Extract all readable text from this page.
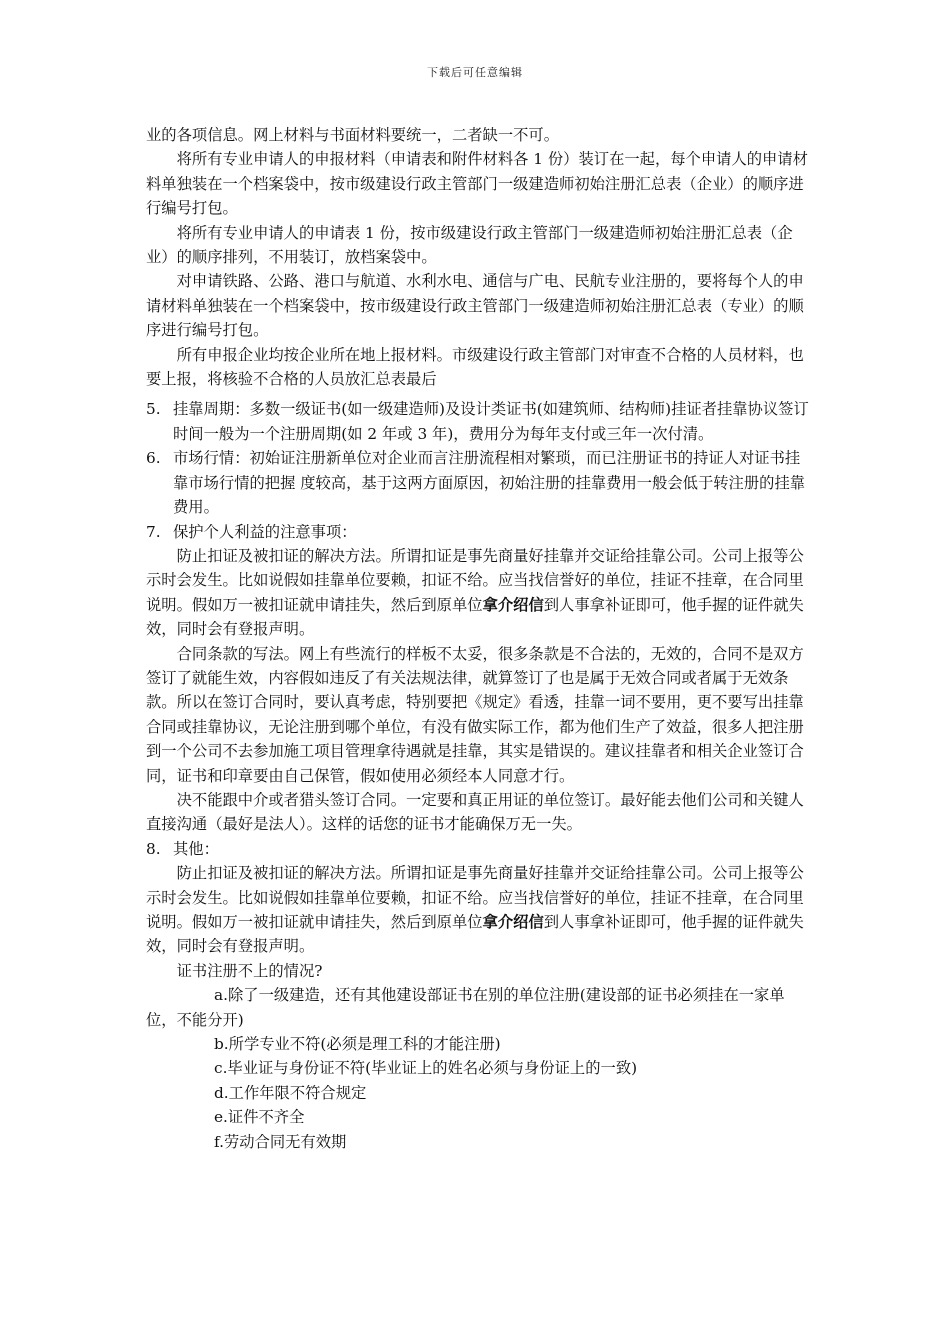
下载后可任意编辑

业的各项信息。网上材料与书面材料要统一，二者缺一不可。

将所有专业申请人的申报材料（申请表和附件材料各 1 份）装订在一起，每个申请人的申请材料单独装在一个档案袋中，按市级建设行政主管部门一级建造师初始注册汇总表（企业）的顺序进行编号打包。

将所有专业申请人的申请表 1 份，按市级建设行政主管部门一级建造师初始注册汇总表（企业）的顺序排列，不用装订，放档案袋中。

对申请铁路、公路、港口与航道、水利水电、通信与广电、民航专业注册的，要将每个人的申请材料单独装在一个档案袋中，按市级建设行政主管部门一级建造师初始注册汇总表（专业）的顺序进行编号打包。

所有申报企业均按企业所在地上报材料。市级建设行政主管部门对审查不合格的人员材料，也要上报，将核验不合格的人员放汇总表最后

5. 挂靠周期：多数一级证书(如一级建造师)及设计类证书(如建筑师、结构师)挂证者挂靠协议签订时间一般为一个注册周期(如 2 年或 3 年)，费用分为每年支付或三年一次付清。

6. 市场行情：初始证注册新单位对企业而言注册流程相对繁琐，而已注册证书的持证人对证书挂靠市场行情的把握 度较高，基于这两方面原因，初始注册的挂靠费用一般会低于转注册的挂靠费用。

7. 保护个人利益的注意事项：

防止扣证及被扣证的解决方法。所谓扣证是事先商量好挂靠并交证给挂靠公司。公司上报等公示时会发生。比如说假如挂靠单位要赖，扣证不给。应当找信誉好的单位，挂证不挂章，在合同里说明。假如万一被扣证就申请挂失，然后到原单位拿介绍信到人事拿补证即可，他手握的证件就失效，同时会有登报声明。

合同条款的写法。网上有些流行的样板不太妥，很多条款是不合法的，无效的，合同不是双方签订了就能生效，内容假如违反了有关法规法律，就算签订了也是属于无效合同或者属于无效条款。所以在签订合同时，要认真考虑，特别要把《规定》看透，挂靠一词不要用，更不要写出挂靠合同或挂靠协议，无论注册到哪个单位，有没有做实际工作，都为他们生产了效益，很多人把注册到一个公司不去参加施工项目管理拿待遇就是挂靠，其实是错误的。建议挂靠者和相关企业签订合同，证书和印章要由自己保管，假如使用必须经本人同意才行。

决不能跟中介或者猎头签订合同。一定要和真正用证的单位签订。最好能去他们公司和关键人直接沟通（最好是法人）。这样的话您的证书才能确保万无一失。

8. 其他：

防止扣证及被扣证的解决方法。所谓扣证是事先商量好挂靠并交证给挂靠公司。公司上报等公示时会发生。比如说假如挂靠单位要赖，扣证不给。应当找信誉好的单位，挂证不挂章，在合同里说明。假如万一被扣证就申请挂失，然后到原单位拿介绍信到人事拿补证即可，他手握的证件就失效，同时会有登报声明。

证书注册不上的情况?

a.除了一级建造，还有其他建设部证书在别的单位注册(建设部的证书必须挂在一家单位，不能分开)

b.所学专业不符(必须是理工科的才能注册)

c.毕业证与身份证不符(毕业证上的姓名必须与身份证上的一致)

d.工作年限不符合规定

e.证件不齐全

f.劳动合同无有效期
